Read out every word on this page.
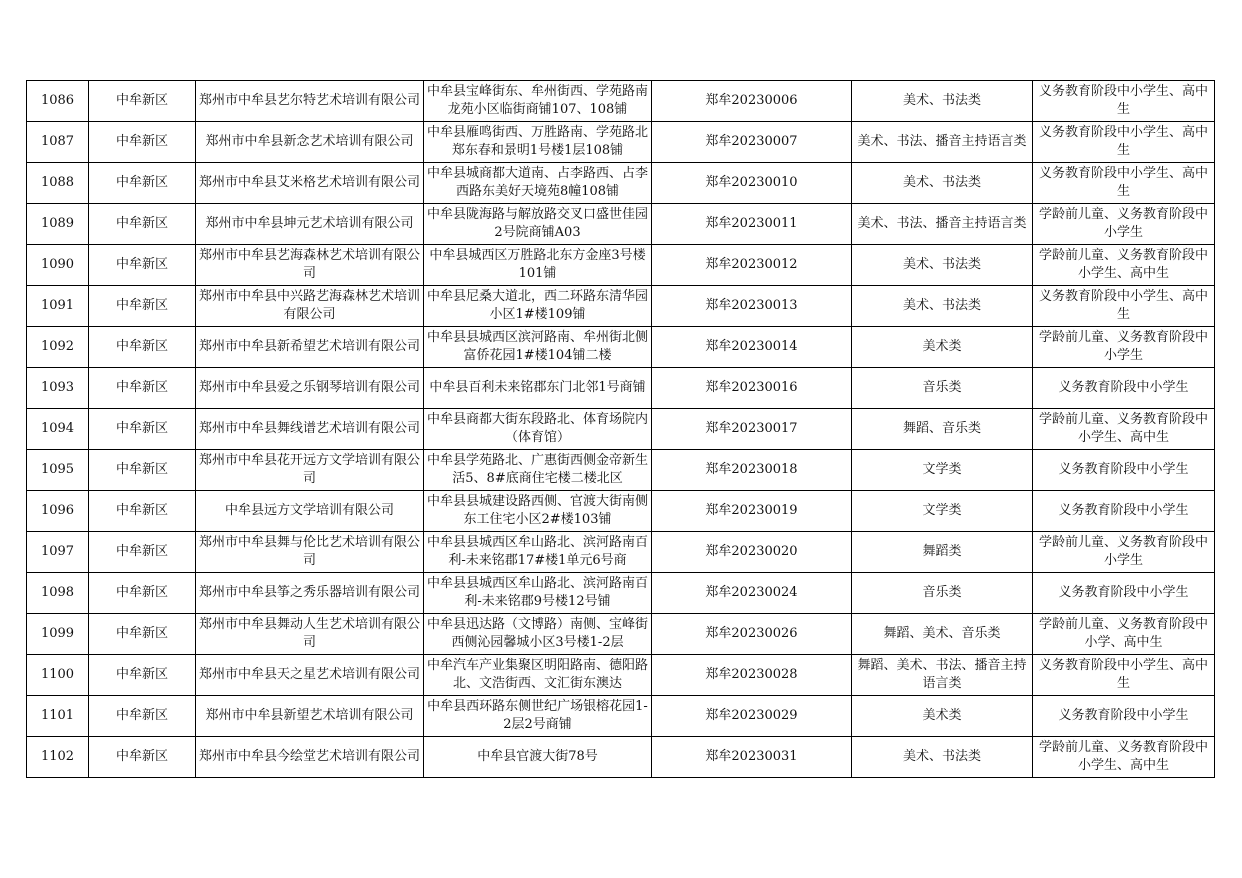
1086	中牟新区	郑州市中牟县艺尔特艺术培训有限公司	中牟县宝峰街东、牟州街西、学苑路南龙苑小区临街商铺107、108铺	郑牟20230006	美术、书法类	义务教育阶段中小学生、高中生
1087	中牟新区	郑州市中牟县新念艺术培训有限公司	中牟县雁鸣街西、万胜路南、学苑路北郑东春和景明1号楼1层108铺	郑牟20230007	美术、书法、播音主持语言类	义务教育阶段中小学生、高中生
1088	中牟新区	郑州市中牟县艾米格艺术培训有限公司	中牟县城商都大道南、占李路西、占李西路东美好天境苑8幢108铺	郑牟20230010	美术、书法类	义务教育阶段中小学生、高中生
1089	中牟新区	郑州市中牟县坤元艺术培训有限公司	中牟县陇海路与解放路交叉口盛世佳园2号院商铺A03	郑牟20230011	美术、书法、播音主持语言类	学龄前儿童、义务教育阶段中小学生
1090	中牟新区	郑州市中牟县艺海森林艺术培训有限公司	中牟县城西区万胜路北东方金座3号楼101铺	郑牟20230012	美术、书法类	学龄前儿童、义务教育阶段中小学生、高中生
1091	中牟新区	郑州市中牟县中兴路艺海森林艺术培训有限公司	中牟县尼桑大道北，西二环路东清华园小区1#楼109铺	郑牟20230013	美术、书法类	义务教育阶段中小学生、高中生
1092	中牟新区	郑州市中牟县新希望艺术培训有限公司	中牟县县城西区滨河路南、牟州街北侧富侨花园1#楼104铺二楼	郑牟20230014	美术类	学龄前儿童、义务教育阶段中小学生
1093	中牟新区	郑州市中牟县爱之乐钢琴培训有限公司	中牟县百利未来铭郡东门北邻1号商铺	郑牟20230016	音乐类	义务教育阶段中小学生
1094	中牟新区	郑州市中牟县舞线谱艺术培训有限公司	中牟县商都大街东段路北、体育场院内（体育馆）	郑牟20230017	舞蹈、音乐类	学龄前儿童、义务教育阶段中小学生、高中生
1095	中牟新区	郑州市中牟县花开远方文学培训有限公司	中牟县学苑路北、广惠街西侧金帝新生活5、8#底商住宅楼二楼北区	郑牟20230018	文学类	义务教育阶段中小学生
1096	中牟新区	中牟县远方文学培训有限公司	中牟县县城建设路西侧、官渡大街南侧东工住宅小区2#楼103铺	郑牟20230019	文学类	义务教育阶段中小学生
1097	中牟新区	郑州市中牟县舞与伦比艺术培训有限公司	中牟县县城西区牟山路北、滨河路南百利-未来铭郡17#楼1单元6号商	郑牟20230020	舞蹈类	学龄前儿童、义务教育阶段中小学生
1098	中牟新区	郑州市中牟县筝之秀乐器培训有限公司	中牟县县城西区牟山路北、滨河路南百利-未来铭郡9号楼12号铺	郑牟20230024	音乐类	义务教育阶段中小学生
1099	中牟新区	郑州市中牟县舞动人生艺术培训有限公司	中牟县迅达路（文博路）南侧、宝峰街西侧沁园馨城小区3号楼1-2层	郑牟20230026	舞蹈、美术、音乐类	学龄前儿童、义务教育阶段中小学、高中生
1100	中牟新区	郑州市中牟县天之星艺术培训有限公司	中牟汽车产业集聚区明阳路南、德阳路北、文浩街西、文汇街东澳达	郑牟20230028	舞蹈、美术、书法、播音主持语言类	义务教育阶段中小学生、高中生
1101	中牟新区	郑州市中牟县新望艺术培训有限公司	中牟县西环路东侧世纪广场银榕花园1-2层2号商铺	郑牟20230029	美术类	义务教育阶段中小学生
1102	中牟新区	郑州市中牟县今绘堂艺术培训有限公司	中牟县官渡大街78号	郑牟20230031	美术、书法类	学龄前儿童、义务教育阶段中小学生、高中生
